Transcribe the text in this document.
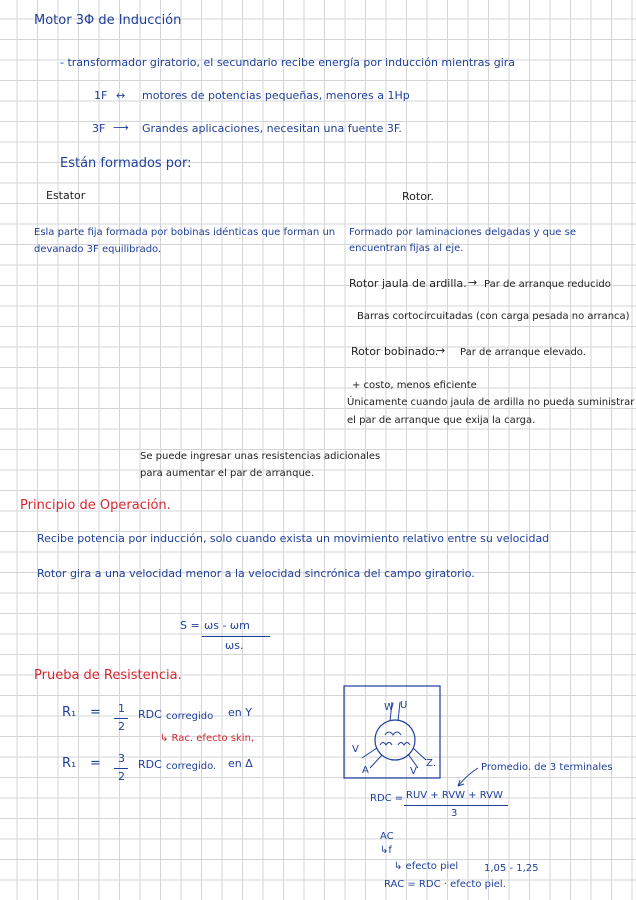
Motor 3Φ de Inducción
- transformador giratorio, el secundario recibe energía por inducción mientras gira
1F ↔ motores de potencias pequeñas, menores a 1Hp
3F ⟶ Grandes aplicaciones, necesitan una fuente 3F.
Están formados por:
Estator	Rotor.
Esla parte fija formada por bobinas idénticas que forman un
devanado 3F equilibrado.
Formado por laminaciones delgadas y que se
encuentran fijas al eje.
Rotor jaula de ardilla. → Par de arranque reducido
Barras cortocircuitadas (con carga pesada no arranca)
Rotor bobinado.
→ Par de arranque elevado.
+ costo, menos eficiente
Únicamente cuando jaula de ardilla no pueda suministrar
el par de arranque que exija la carga.
Se puede ingresar unas resistencias adicionales
para aumentar el par de arranque.
Principio de Operación.
Recibe potencia por inducción, solo cuando exista un movimiento relativo entre su velocidad
Rotor gira a una velocidad menor a la velocidad sincrónica del campo giratorio.
S = ωs - ωm
ωs.
Prueba de Resistencia.
R₁ = 1
2
RDC corregido en Y
↳ Rac. efecto skin,
R₁ = 3
2
RDC corregido. en Δ
W U
V
A	V
Z.	Promedio. de 3 terminales
RDC = RUV + RVW + RVW
3
AC
↳f
↳ efecto piel	1,05 - 1,25
RAC = RDC · efecto piel.
